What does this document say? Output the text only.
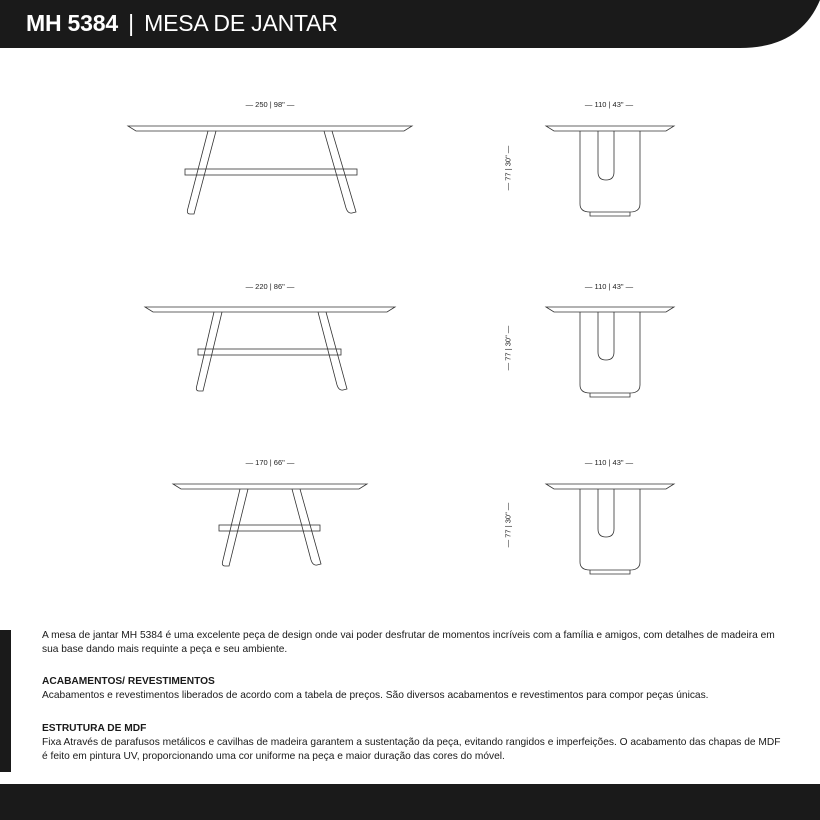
MH 5384 | MESA DE JANTAR
— 250 | 98" —	— 110 | 43" —
— 77 | 30" —
— 220 | 86" —	— 110 | 43" —
— 77 | 30" —
— 170 | 66" —	— 110 | 43" —
— 77 | 30" —

A mesa de jantar MH 5384 é uma excelente peça de design onde vai poder desfrutar de momentos incríveis com a família e amigos, com detalhes de madeira em sua base dando mais requinte a peça e seu ambiente.

ACABAMENTOS/ REVESTIMENTOS

Acabamentos e revestimentos liberados de acordo com a tabela de preços. São diversos acabamentos e revestimentos para compor peças únicas.

ESTRUTURA DE MDF

Fixa Através de parafusos metálicos e cavilhas de madeira garantem a sustentação da peça, evitando rangidos e imperfeições. O acabamento das chapas de MDF é feito em pintura UV, proporcionando uma cor uniforme na peça e maior duração das cores do móvel.
